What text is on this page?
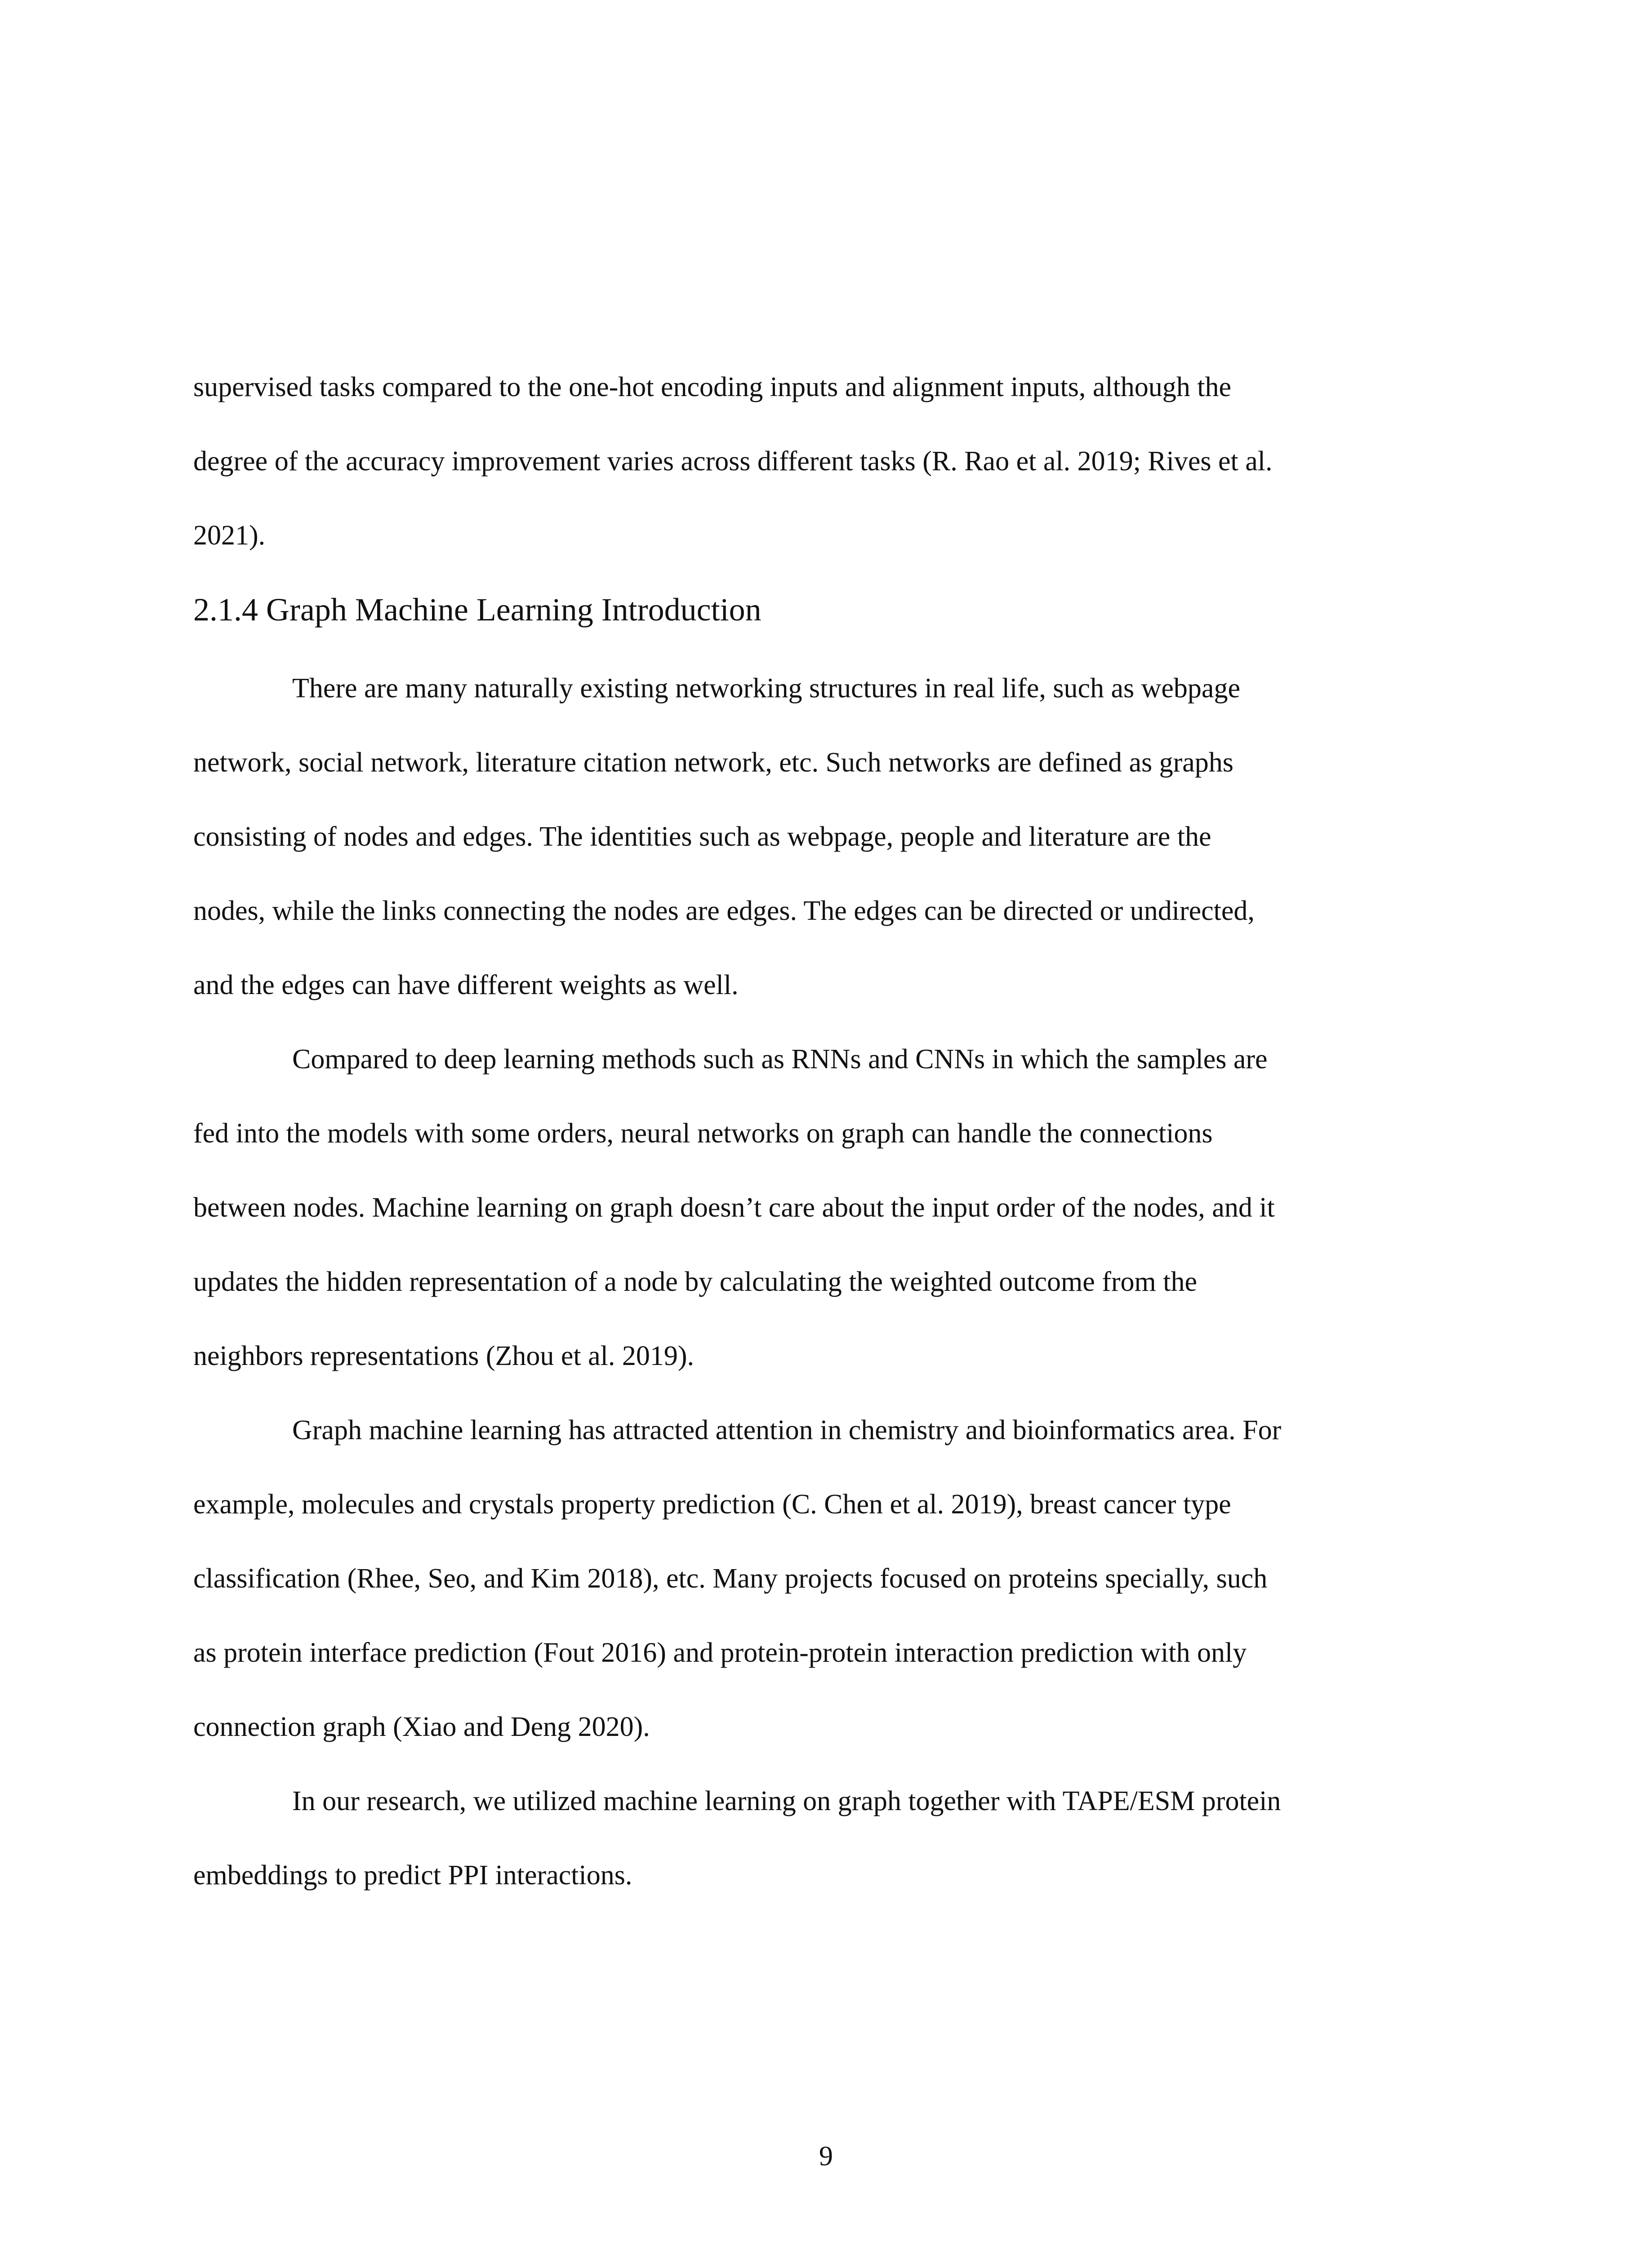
supervised tasks compared to the one-hot encoding inputs and alignment inputs, although the

degree of the accuracy improvement varies across different tasks (R. Rao et al. 2019; Rives et al.

2021).

2.1.4 Graph Machine Learning Introduction

There are many naturally existing networking structures in real life, such as webpage

network, social network, literature citation network, etc. Such networks are defined as graphs

consisting of nodes and edges. The identities such as webpage, people and literature are the

nodes, while the links connecting the nodes are edges. The edges can be directed or undirected,

and the edges can have different weights as well.

Compared to deep learning methods such as RNNs and CNNs in which the samples are

fed into the models with some orders, neural networks on graph can handle the connections

between nodes. Machine learning on graph doesn’t care about the input order of the nodes, and it

updates the hidden representation of a node by calculating the weighted outcome from the

neighbors representations (Zhou et al. 2019).

Graph machine learning has attracted attention in chemistry and bioinformatics area. For

example, molecules and crystals property prediction (C. Chen et al. 2019), breast cancer type

classification (Rhee, Seo, and Kim 2018), etc. Many projects focused on proteins specially, such

as protein interface prediction (Fout 2016) and protein-protein interaction prediction with only

connection graph (Xiao and Deng 2020).

In our research, we utilized machine learning on graph together with TAPE/ESM protein

embeddings to predict PPI interactions.

9
